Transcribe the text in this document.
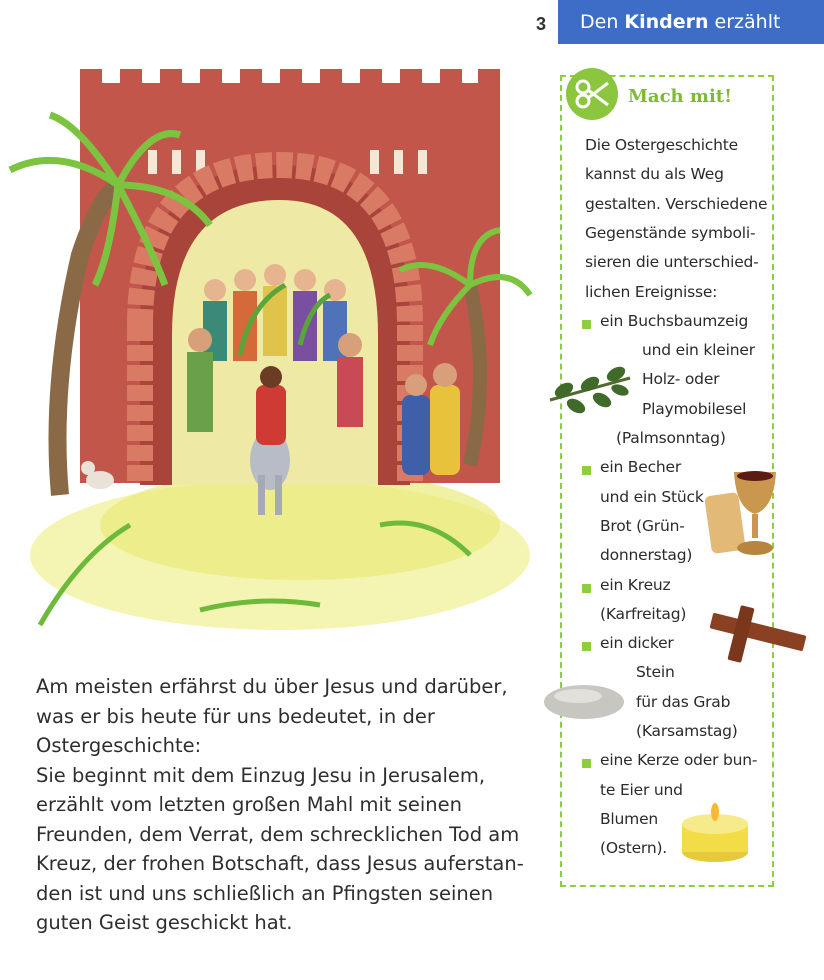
3 Den Kindern erzählt
Am meisten erfährst du über Jesus und darüber,
was er bis heute für uns bedeutet, in der
Ostergeschichte:
Sie beginnt mit dem Einzug Jesu in Jerusalem,
erzählt vom letzten großen Mahl mit seinen
Freunden, dem Verrat, dem schrecklichen Tod am
Kreuz, der frohen Botschaft, dass Jesus auferstan-
den ist und uns schließlich an Pfingsten seinen
guten Geist geschickt hat.
Mach mit!
Die Ostergeschichte
kannst du als Weg
gestalten. Verschiedene
Gegenstände symboli-
sieren die unterschied-
lichen Ereignisse:
ein Buchsbaumzeig
und ein kleiner
Holz- oder
Playmobilesel
(Palmsonntag)
ein Becher
und ein Stück
Brot (Grün-
donnerstag)
ein Kreuz
(Karfreitag)
ein dicker
Stein
für das Grab
(Karsamstag)
eine Kerze oder bun-
te Eier und
Blumen
(Ostern).
